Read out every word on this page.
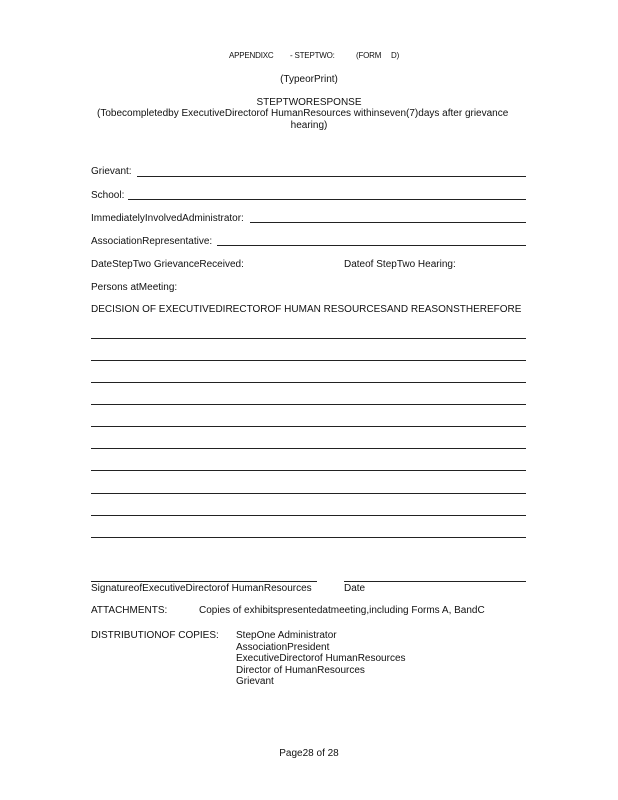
APPENDIXC - STEPTWO:	(FORM D)
(TypeorPrint)
STEPTWORESPONSE
(Tobecompletedby ExecutiveDirectorof HumanResources withinseven(7)days after grievance
hearing)
Grievant:
School:
ImmediatelyInvolvedAdministrator:
AssociationRepresentative:
DateStepTwo GrievanceReceived:	Dateof StepTwo Hearing:
Persons atMeeting:
DECISION OF EXECUTIVEDIRECTOROF HUMAN RESOURCESAND REASONSTHEREFORE
SignatureofExecutiveDirectorof HumanResources	Date
ATTACHMENTS:	Copies of exhibitspresentedatmeeting,including Forms A, BandC
DISTRIBUTIONOF COPIES: StepOne Administrator
AssociationPresident
ExecutiveDirectorof HumanResources
Director of HumanResources
Grievant
Page28 of 28
